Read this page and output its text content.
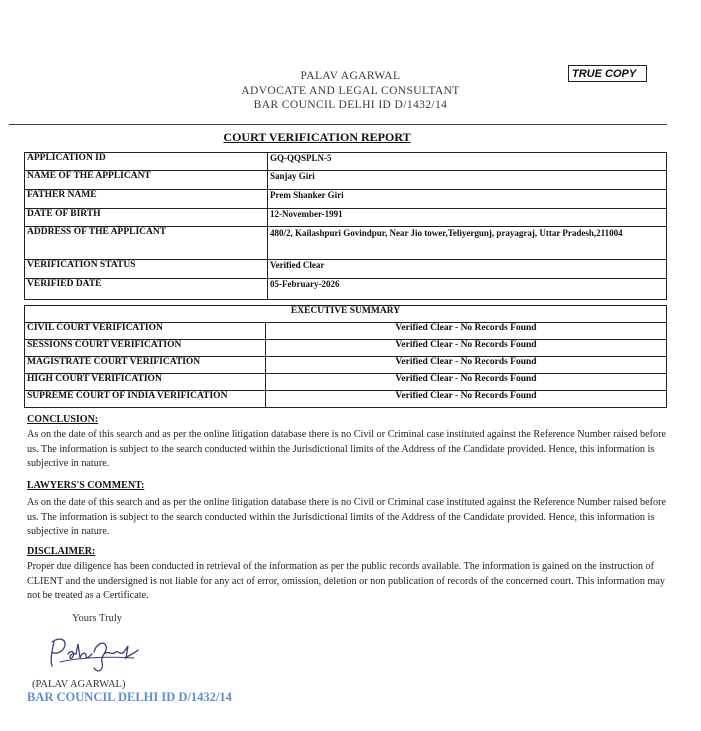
PALAV AGARWAL
ADVOCATE AND LEGAL CONSULTANT
BAR COUNCIL DELHI ID D/1432/14
TRUE COPY
COURT VERIFICATION REPORT
APPLICATION ID	GQ-QQSPLN-5
NAME OF THE APPLICANT	Sanjay Giri
FATHER NAME	Prem Shanker Giri
DATE OF BIRTH	12-November-1991
ADDRESS OF THE APPLICANT	480/2, Kailashpuri Govindpur, Near Jio tower,Teliyergunj, prayagraj, Uttar Pradesh,211004
VERIFICATION STATUS	Verified Clear
VERIFIED DATE	05-February-2026
EXECUTIVE SUMMARY	
CIVIL COURT VERIFICATION	Verified Clear - No Records Found
SESSIONS COURT VERIFICATION	Verified Clear - No Records Found
MAGISTRATE COURT VERIFICATION	Verified Clear - No Records Found
HIGH COURT VERIFICATION	Verified Clear - No Records Found
SUPREME COURT OF INDIA VERIFICATION	Verified Clear - No Records Found
CONCLUSION:
As on the date of this search and as per the online litigation database there is no Civil or Criminal case instituted against the Reference Number raised before us. The information is subject to the search conducted within the Jurisdictional limits of the Address of the Candidate provided. Hence, this information is subjective in nature.
LAWYERS'S COMMENT:
As on the date of this search and as per the online litigation database there is no Civil or Criminal case instituted against the Reference Number raised before us. The information is subject to the search conducted within the Jurisdictional limits of the Address of the Candidate provided. Hence, this information is subjective in nature.
DISCLAIMER:
Proper due diligence has been conducted in retrieval of the information as per the public records available. The information is gained on the instruction of CLIENT and the undersigned is not liable for any act of error, omission, deletion or non publication of records of the concerned court. This information may not be treated as a Certificate.
Yours Truly
(PALAV AGARWAL)
BAR COUNCIL DELHI ID D/1432/14
